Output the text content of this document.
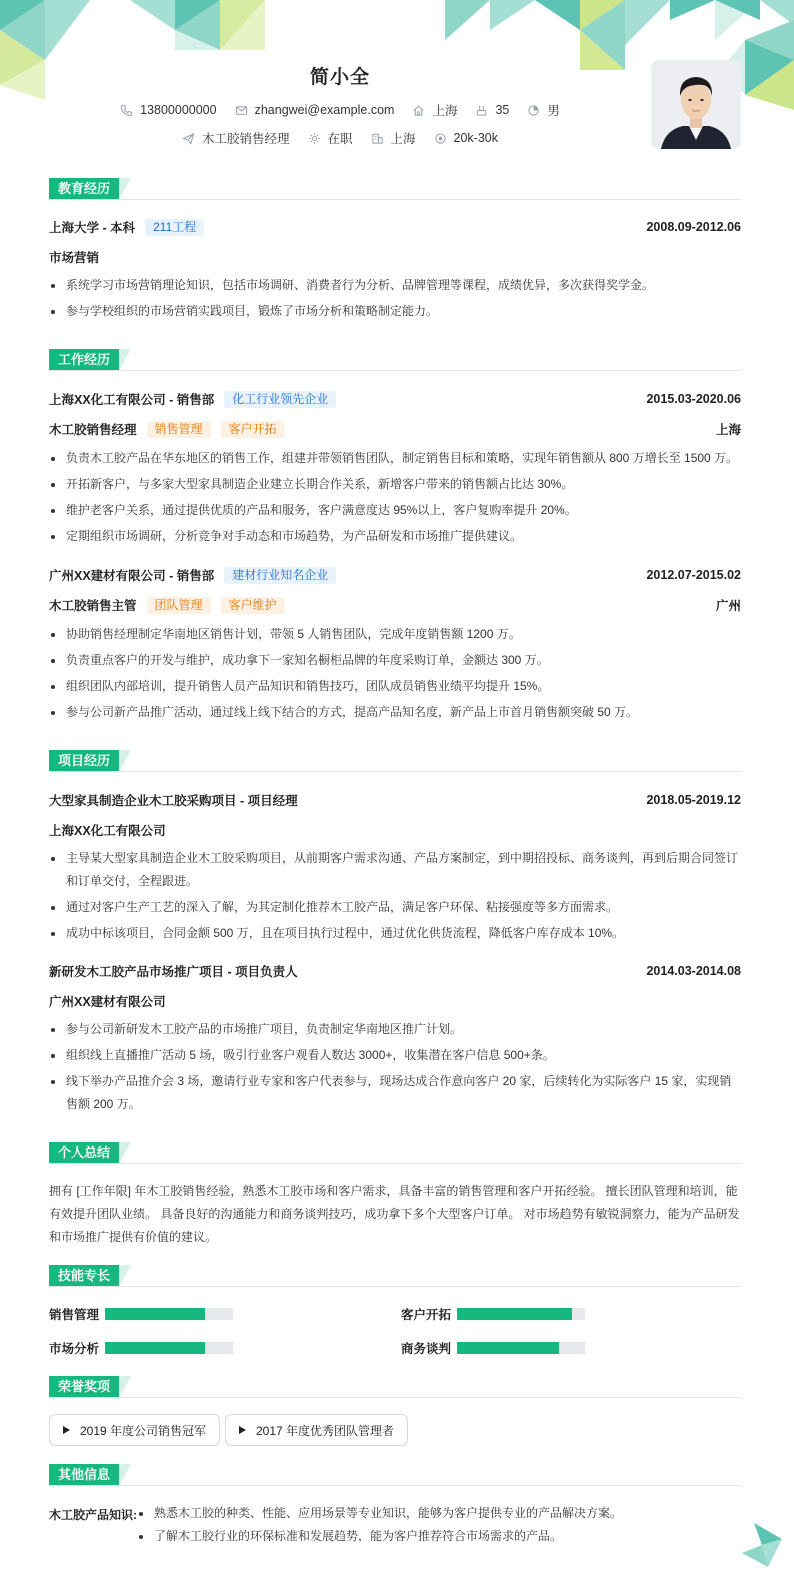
简小全
13800000000	zhangwei@example.com	上海	35	男
木工胶销售经理	在职	上海	20k-30k
教育经历
上海大学 - 本科	211工程	2008.09-2012.06
市场营销
系统学习市场营销理论知识，包括市场调研、消费者行为分析、品牌管理等课程，成绩优异，多次获得奖学金。
参与学校组织的市场营销实践项目，锻炼了市场分析和策略制定能力。
工作经历
上海XX化工有限公司 - 销售部	化工行业领先企业	2015.03-2020.06
木工胶销售经理	销售管理	客户开拓	上海
负责木工胶产品在华东地区的销售工作，组建并带领销售团队，制定销售目标和策略，实现年销售额从 800 万增长至 1500 万。
开拓新客户，与多家大型家具制造企业建立长期合作关系，新增客户带来的销售额占比达 30%。
维护老客户关系，通过提供优质的产品和服务，客户满意度达 95%以上，客户复购率提升 20%。
定期组织市场调研，分析竞争对手动态和市场趋势，为产品研发和市场推广提供建议。
广州XX建材有限公司 - 销售部	建材行业知名企业	2012.07-2015.02
木工胶销售主管	团队管理	客户维护	广州
协助销售经理制定华南地区销售计划，带领 5 人销售团队，完成年度销售额 1200 万。
负责重点客户的开发与维护，成功拿下一家知名橱柜品牌的年度采购订单，金额达 300 万。
组织团队内部培训，提升销售人员产品知识和销售技巧，团队成员销售业绩平均提升 15%。
参与公司新产品推广活动，通过线上线下结合的方式，提高产品知名度，新产品上市首月销售额突破 50 万。
项目经历
大型家具制造企业木工胶采购项目 - 项目经理	2018.05-2019.12
上海XX化工有限公司
主导某大型家具制造企业木工胶采购项目，从前期客户需求沟通、产品方案制定，到中期招投标、商务谈判，再到后期合同签订和订单交付，全程跟进。
通过对客户生产工艺的深入了解，为其定制化推荐木工胶产品，满足客户环保、粘接强度等多方面需求。
成功中标该项目，合同金额 500 万，且在项目执行过程中，通过优化供货流程，降低客户库存成本 10%。
新研发木工胶产品市场推广项目 - 项目负责人	2014.03-2014.08
广州XX建材有限公司
参与公司新研发木工胶产品的市场推广项目，负责制定华南地区推广计划。
组织线上直播推广活动 5 场，吸引行业客户观看人数达 3000+，收集潜在客户信息 500+条。
线下举办产品推介会 3 场，邀请行业专家和客户代表参与，现场达成合作意向客户 20 家，后续转化为实际客户 15 家，实现销售额 200 万。
个人总结
拥有 [工作年限] 年木工胶销售经验，熟悉木工胶市场和客户需求，具备丰富的销售管理和客户开拓经验。 擅长团队管理和培训，能有效提升团队业绩。 具备良好的沟通能力和商务谈判技巧，成功拿下多个大型客户订单。 对市场趋势有敏锐洞察力，能为产品研发和市场推广提供有价值的建议。
技能专长
销售管理	客户开拓
市场分析	商务谈判
荣誉奖项
2019 年度公司销售冠军	2017 年度优秀团队管理者
其他信息
木工胶产品知识:	熟悉木工胶的种类、性能、应用场景等专业知识，能够为客户提供专业的产品解决方案。
了解木工胶行业的环保标准和发展趋势，能为客户推荐符合市场需求的产品。
